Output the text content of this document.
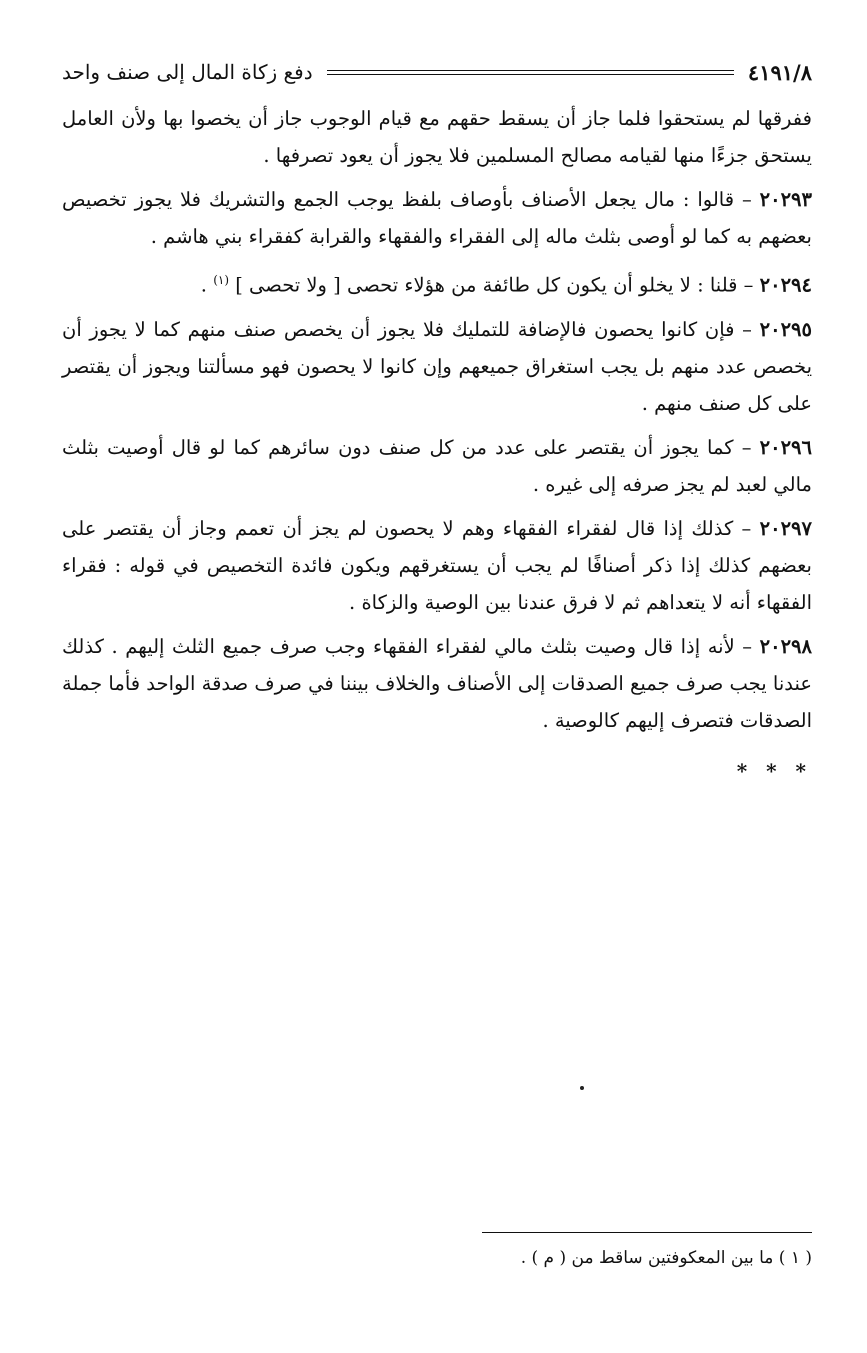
دفع زكاة المال إلى صنف واحد	٤١٩١/٨

ففرقها لم يستحقوا فلما جاز أن يسقط حقهم مع قيام الوجوب جاز أن يخصوا بها ولأن العامل يستحق جزءًا منها لقيامه مصالح المسلمين فلا يجوز أن يعود تصرفها .

٢٠٢٩٣ – قالوا : مال يجعل الأصناف بأوصاف بلفظ يوجب الجمع والتشريك فلا يجوز تخصيص بعضهم به كما لو أوصى بثلث ماله إلى الفقراء والفقهاء والقرابة كفقراء بني هاشم .

٢٠٢٩٤ – قلنا : لا يخلو أن يكون كل طائفة من هؤلاء تحصى [ ولا تحصى ] $^{(١)}$ .

٢٠٢٩٥ – فإن كانوا يحصون فالإضافة للتمليك فلا يجوز أن يخصص صنف منهم كما لا يجوز أن يخصص عدد منهم بل يجب استغراق جميعهم وإن كانوا لا يحصون فهو مسألتنا ويجوز أن يقتصر على كل صنف منهم .

٢٠٢٩٦ – كما يجوز أن يقتصر على عدد من كل صنف دون سائرهم كما لو قال أوصيت بثلث مالي لعبد لم يجز صرفه إلى غيره .

٢٠٢٩٧ – كذلك إذا قال لفقراء الفقهاء وهم لا يحصون لم يجز أن تعمم وجاز أن يقتصر على بعضهم كذلك إذا ذكر أصنافًا لم يجب أن يستغرقهم ويكون فائدة التخصيص في قوله : فقراء الفقهاء أنه لا يتعداهم ثم لا فرق عندنا بين الوصية والزكاة .

٢٠٢٩٨ – لأنه إذا قال وصيت بثلث مالي لفقراء الفقهاء وجب صرف جميع الثلث إليهم . كذلك عندنا يجب صرف جميع الصدقات إلى الأصناف والخلاف بيننا في صرف صدقة الواحد فأما جملة الصدقات فتصرف إليهم كالوصية .

* * *
( ١ ) ما بين المعكوفتين ساقط من ( م ) .
